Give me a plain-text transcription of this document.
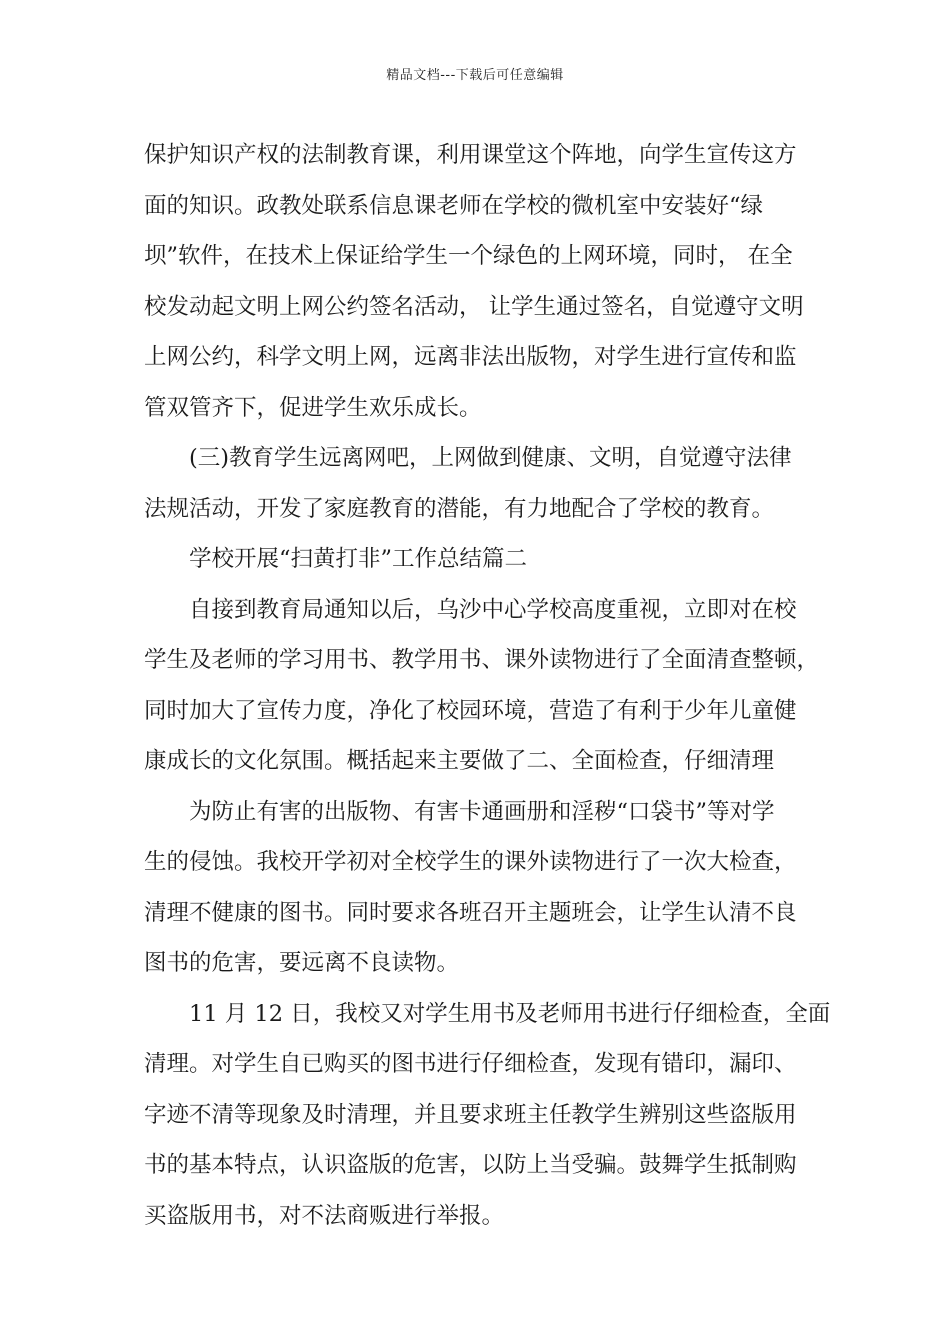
精品文档---下载后可任意编辑

保护知识产权的法制教育课，利用课堂这个阵地，向学生宣传这方
面的知识。政教处联系信息课老师在学校的微机室中安装好“绿
坝”软件，在技术上保证给学生一个绿色的上网环境，同时， 在全
校发动起文明上网公约签名活动， 让学生通过签名，自觉遵守文明
上网公约，科学文明上网，远离非法出版物，对学生进行宣传和监
管双管齐下，促进学生欢乐成长。

(三)教育学生远离网吧，上网做到健康、文明，自觉遵守法律
法规活动，开发了家庭教育的潜能，有力地配合了学校的教育。

学校开展“扫黄打非”工作总结篇二

自接到教育局通知以后，乌沙中心学校高度重视，立即对在校
学生及老师的学习用书、教学用书、课外读物进行了全面清查整顿，
同时加大了宣传力度，净化了校园环境，营造了有利于少年儿童健
康成长的文化氛围。概括起来主要做了二、全面检查，仔细清理

为防止有害的出版物、有害卡通画册和淫秽“口袋书”等对学
生的侵蚀。我校开学初对全校学生的课外读物进行了一次大检查，
清理不健康的图书。同时要求各班召开主题班会，让学生认清不良
图书的危害，要远离不良读物。

11 月 12 日，我校又对学生用书及老师用书进行仔细检查，全面
清理。对学生自已购买的图书进行仔细检查，发现有错印，漏印、
字迹不清等现象及时清理，并且要求班主任教学生辨别这些盗版用
书的基本特点，认识盗版的危害，以防上当受骗。鼓舞学生抵制购
买盗版用书，对不法商贩进行举报。
